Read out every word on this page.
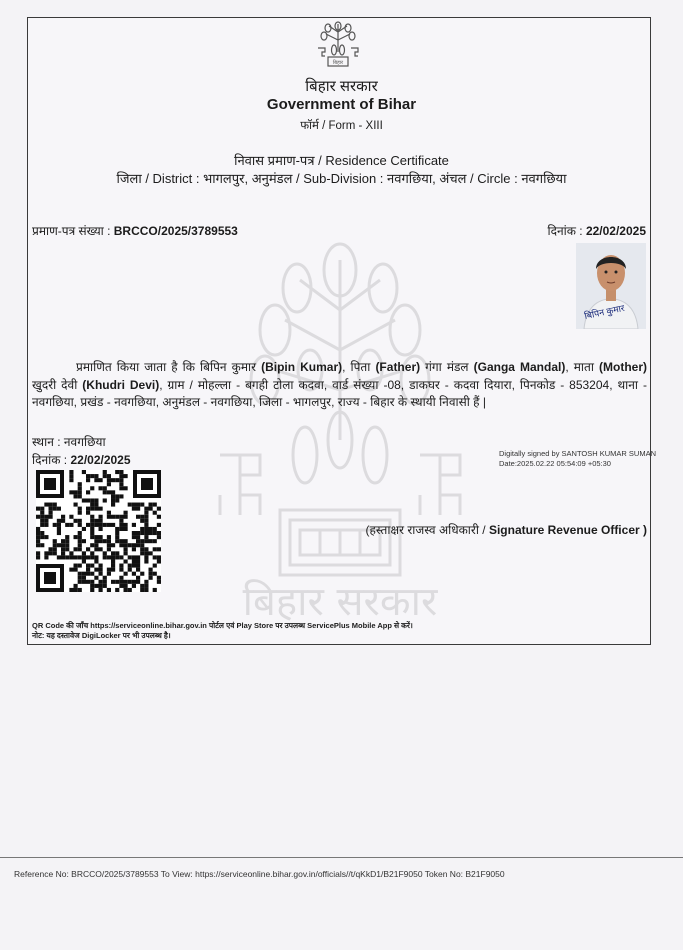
बिहार सरकार
बिहार
बिहार सरकार
Government of Bihar
फॉर्म / Form - XIII
निवास प्रमाण-पत्र / Residence Certificate
जिला / District : भागलपुर, अनुमंडल / Sub-Division : नवगछिया, अंचल / Circle : नवगछिया
प्रमाण-पत्र संख्या : BRCCO/2025/3789553	दिनांक : 22/02/2025
बिपिन कुमार
प्रमाणित किया जाता है कि बिपिन कुमार (Bipin Kumar), पिता (Father) गंगा मंडल (Ganga Mandal), माता (Mother) खुदरी देवी (Khudri Devi), ग्राम / मोहल्ला - बगही टोला कदवा, वार्ड संख्या -08, डाकघर - कदवा दियारा, पिनकोड - 853204, थाना - नवगछिया, प्रखंड - नवगछिया, अनुमंडल - नवगछिया, जिला - भागलपुर, राज्य - बिहार के स्थायी निवासी हैं |
स्थान : नवगछिया
दिनांक : 22/02/2025	Digitally signed by SANTOSH KUMAR SUMAN
Date:2025.02.22 05:54:09 +05:30
(हस्ताक्षर राजस्व अधिकारी / Signature Revenue Officer )
QR Code की जाँच https://serviceonline.bihar.gov.in पोर्टल एवं Play Store पर उपलब्ध ServicePlus Mobile App से करें।
नोट: यह दस्तावेज DigiLocker पर भी उपलब्ध है।
Reference No: BRCCO/2025/3789553 To View: https://serviceonline.bihar.gov.in/officials//t/qKkD1/B21F9050 Token No: B21F9050
